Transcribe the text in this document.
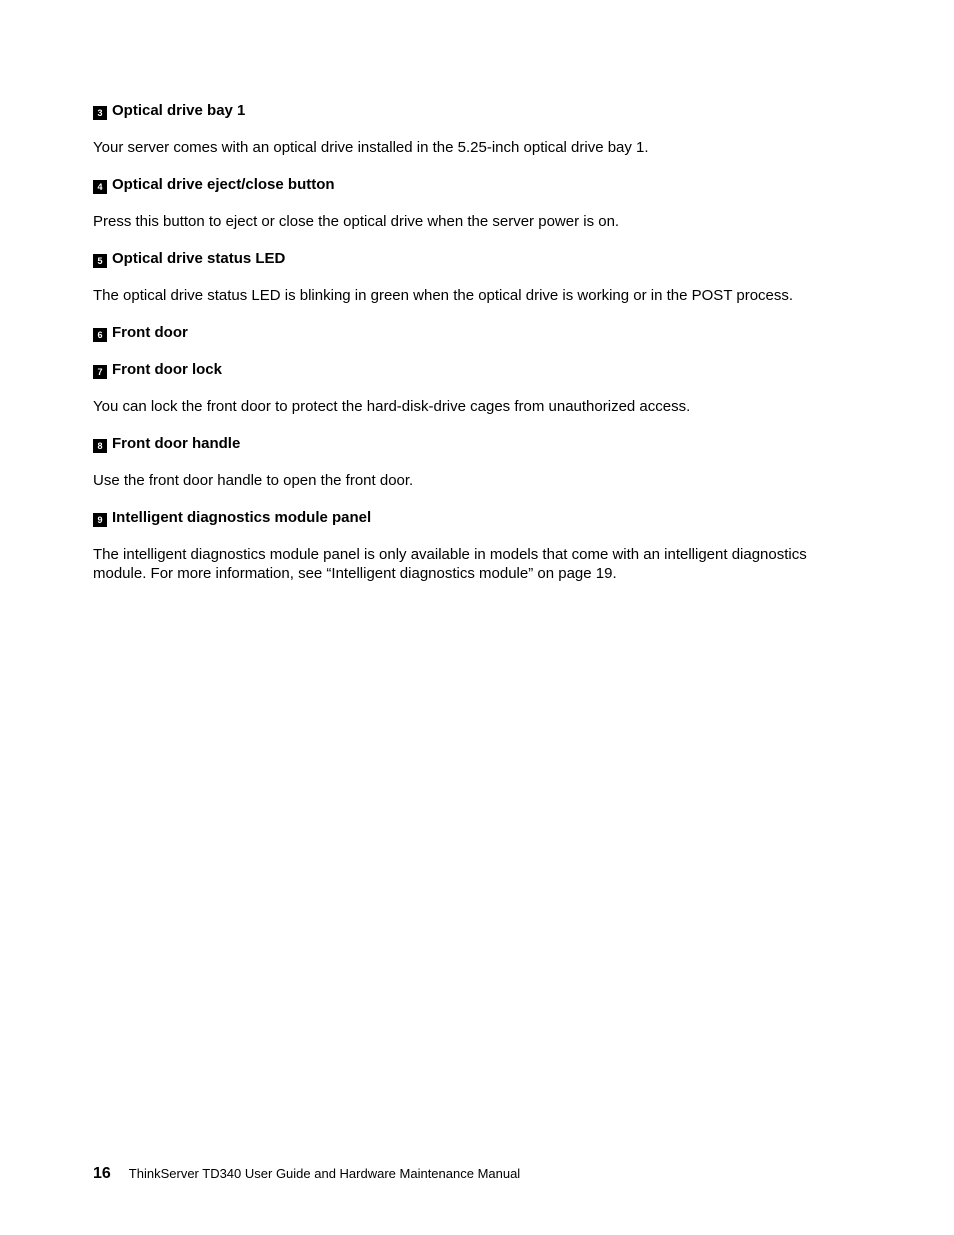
3 Optical drive bay 1

Your server comes with an optical drive installed in the 5.25-inch optical drive bay 1.

4 Optical drive eject/close button

Press this button to eject or close the optical drive when the server power is on.

5 Optical drive status LED

The optical drive status LED is blinking in green when the optical drive is working or in the POST process.

6 Front door
7 Front door lock

You can lock the front door to protect the hard-disk-drive cages from unauthorized access.

8 Front door handle

Use the front door handle to open the front door.

9 Intelligent diagnostics module panel

The intelligent diagnostics module panel is only available in models that come with an intelligent diagnostics
module. For more information, see “Intelligent diagnostics module” on page 19.

16 ThinkServer TD340 User Guide and Hardware Maintenance Manual
